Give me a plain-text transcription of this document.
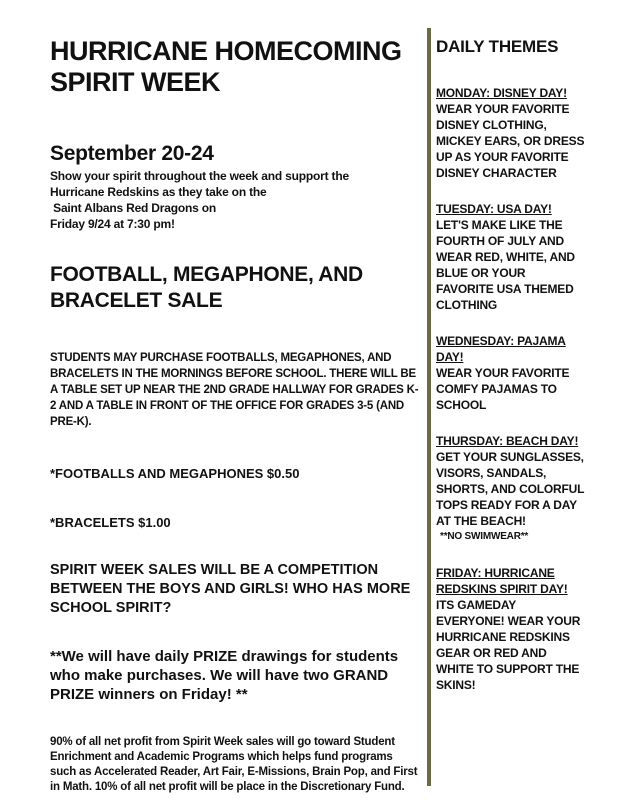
HURRICANE HOMECOMING
SPIRIT WEEK
September 20-24
Show your spirit throughout the week and support the
Hurricane Redskins as they take on the
Saint Albans Red Dragons on
Friday 9/24 at 7:30 pm!
FOOTBALL, MEGAPHONE, AND
BRACELET SALE
STUDENTS MAY PURCHASE FOOTBALLS, MEGAPHONES, AND BRACELETS IN THE MORNINGS BEFORE SCHOOL. THERE WILL BE A TABLE SET UP NEAR THE 2ND GRADE HALLWAY FOR GRADES K-2 AND A TABLE IN FRONT OF THE OFFICE FOR GRADES 3-5 (AND PRE-K).
*FOOTBALLS AND MEGAPHONES $0.50
*BRACELETS $1.00
SPIRIT WEEK SALES WILL BE A COMPETITION BETWEEN THE BOYS AND GIRLS! WHO HAS MORE SCHOOL SPIRIT?
**We will have daily PRIZE drawings for students who make purchases. We will have two GRAND PRIZE winners on Friday! **
90% of all net profit from Spirit Week sales will go toward Student Enrichment and Academic Programs which helps fund programs such as Accelerated Reader, Art Fair, E-Missions, Brain Pop, and First in Math. 10% of all net profit will be place in the Discretionary Fund.
DAILY THEMES
MONDAY: DISNEY DAY! WEAR YOUR FAVORITE DISNEY CLOTHING, MICKEY EARS, OR DRESS UP AS YOUR FAVORITE DISNEY CHARACTER
TUESDAY: USA DAY! LET'S MAKE LIKE THE FOURTH OF JULY AND WEAR RED, WHITE, AND BLUE OR YOUR FAVORITE USA THEMED CLOTHING
WEDNESDAY: PAJAMA DAY!
WEAR YOUR FAVORITE COMFY PAJAMAS TO SCHOOL
THURSDAY: BEACH DAY! GET YOUR SUNGLASSES, VISORS, SANDALS, SHORTS, AND COLORFUL TOPS READY FOR A DAY AT THE BEACH!
**NO SWIMWEAR**
FRIDAY: HURRICANE REDSKINS SPIRIT DAY! ITS GAMEDAY EVERYONE! WEAR YOUR HURRICANE REDSKINS GEAR OR RED AND WHITE TO SUPPORT THE SKINS!
